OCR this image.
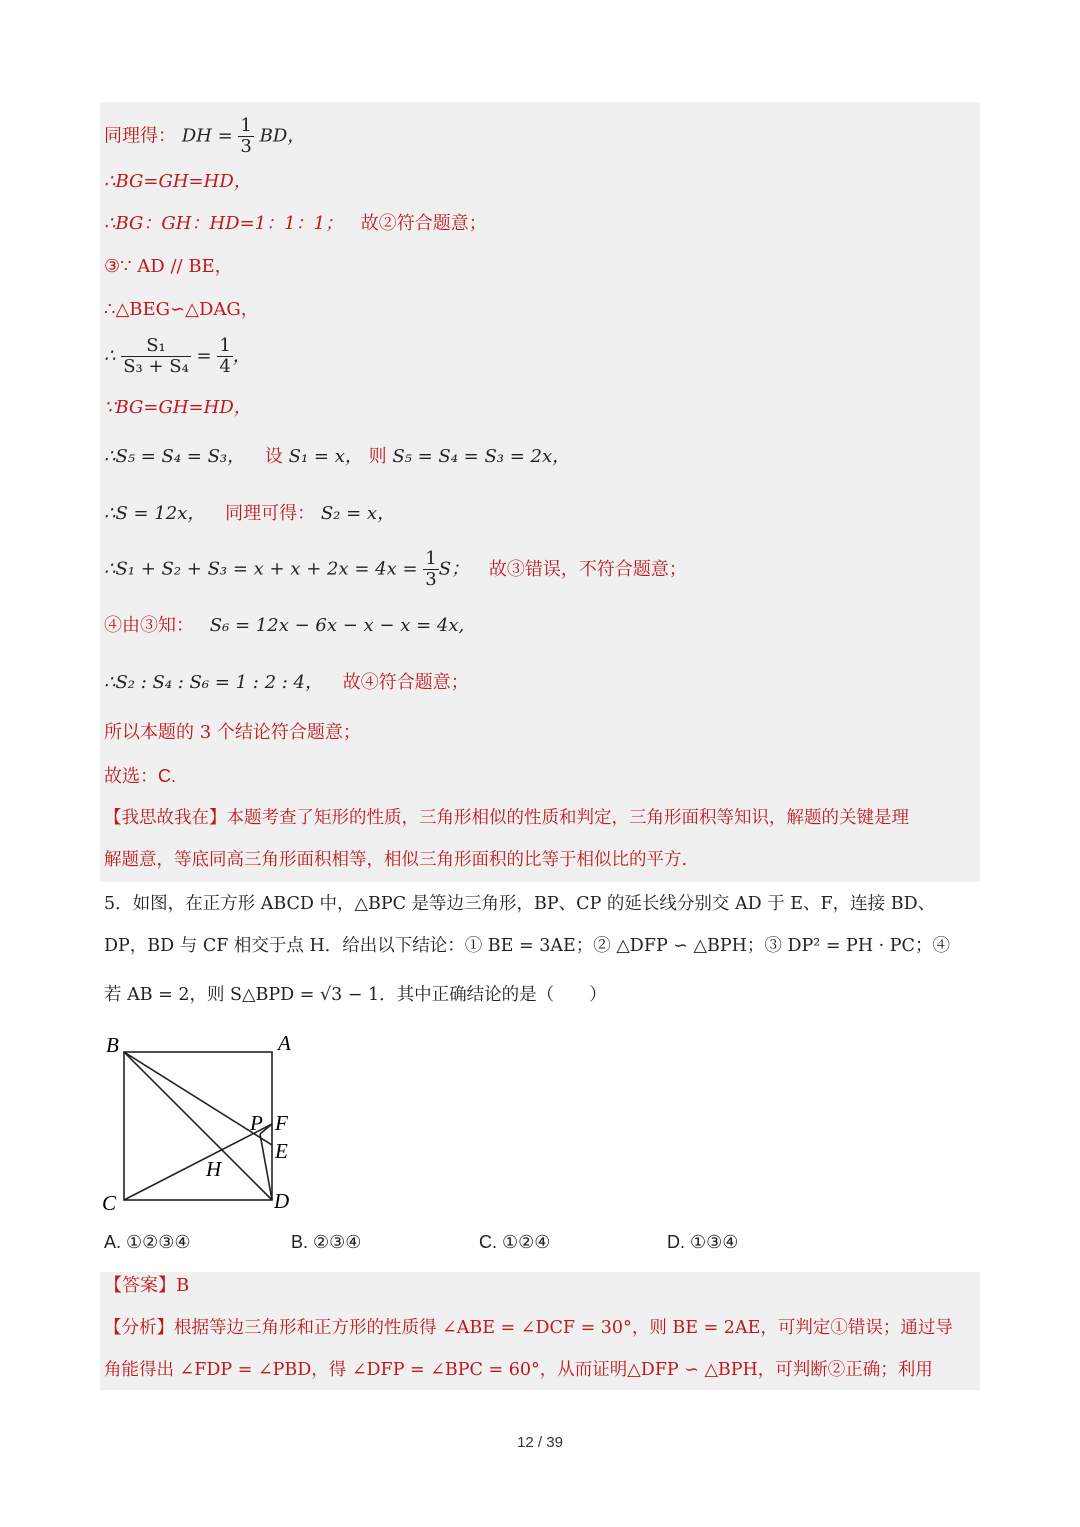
同理得： DH = $\frac{1}{3}$ BD，
∴BG=GH=HD，
∴BG：GH：HD=1：1：1； 故②符合题意；
③∵ AD // BE，
∴△BEG∽△DAG，
∴ $\frac{\text{S₁}}{\text{S₃ + S₄}} = \frac{1}{4}$ ，
∵BG=GH=HD，
∴S₅ = S₄ = S₃， 设 S₁ = x， 则 S₅ = S₄ = S₃ = 2x，
∴S = 12x， 同理可得： S₂ = x，
∴S₁ + $S_2 + S_3 = x + x + 2x = 4x = \frac{1}{3}$ S； 故③错误，不符合题意；
④由③知： S₆ = 12x − 6x − x − x = 4x,
∴S₂ : S₄ : S₆ = 1 : 2 : 4， 故④符合题意；
所以本题的 3 个结论符合题意；
故选：C.
【我思故我在】本题考查了矩形的性质，三角形相似的性质和判定，三角形面积等知识，解题的关键是理
解题意，等底同高三角形面积相等，相似三角形面积的比等于相似比的平方.
5．如图，在正方形 ABCD 中，△BPC 是等边三角形，BP、CP 的延长线分别交 AD 于 E、F，连接 BD、
DP，BD 与 CF 相交于点 H．给出以下结论：① BE = 3AE；② △DFP ∽ △BPH；③ DP² = PH · PC；④
若 AB = 2，则 S△BPD = √3 − 1．其中正确结论的是（　　）
B	A
C	D
P F
E
H
A. ①②③④	B. ②③④	C. ①②④	D. ①③④
【答案】B
【分析】根据等边三角形和正方形的性质得 ∠ABE = ∠DCF = 30°，则 BE = 2AE，可判定①错误；通过导
角能得出 ∠FDP = ∠PBD，得 ∠DFP = ∠BPC = 60°，从而证明△DFP ∽ △BPH，可判断②正确；利用
12 / 39
